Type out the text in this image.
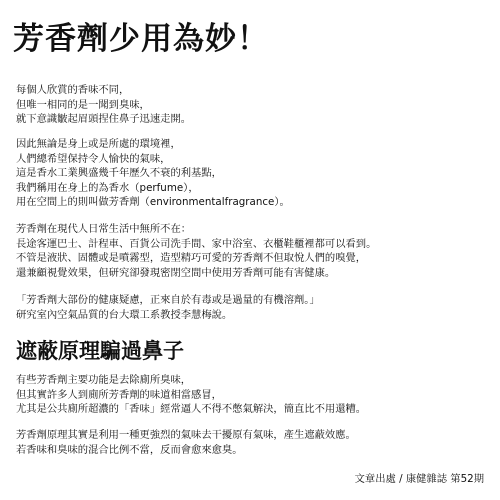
芳香劑少用為妙！
每個人欣賞的香味不同，
但唯一相同的是一聞到臭味，
就下意識皺起眉頭捏住鼻子迅速走開。
因此無論是身上或是所處的環境裡，
人們總希望保持令人愉快的氣味，
這是香水工業興盛幾千年歷久不衰的利基點，
我們稱用在身上的為香水（perfume），
用在空間上的則叫做芳香劑（environmentalfragrance）。
芳香劑在現代人日常生活中無所不在：
長途客運巴士、計程車、百貨公司洗手間、家中浴室、衣櫃鞋櫃裡都可以看到。
不管是液狀、固體或是噴霧型，造型精巧可愛的芳香劑不但取悅人們的嗅覺，
還兼顧視覺效果，但研究卻發現密閉空間中使用芳香劑可能有害健康。
「芳香劑大部份的健康疑慮，正來自於有毒或是過量的有機溶劑。」
研究室內空氣品質的台大環工系教授李慧梅說。
遮蔽原理騙過鼻子
有些芳香劑主要功能是去除廁所臭味，
但其實許多人到廁所芳香劑的味道相當感冒，
尤其是公共廁所超濃的「香味」經常逼人不得不憋氣解決，簡直比不用還糟。
芳香劑原理其實是利用一種更強烈的氣味去干擾原有氣味，產生遮蔽效應。
若香味和臭味的混合比例不當，反而會愈來愈臭。
文章出處 / 康健雜誌 第52期
